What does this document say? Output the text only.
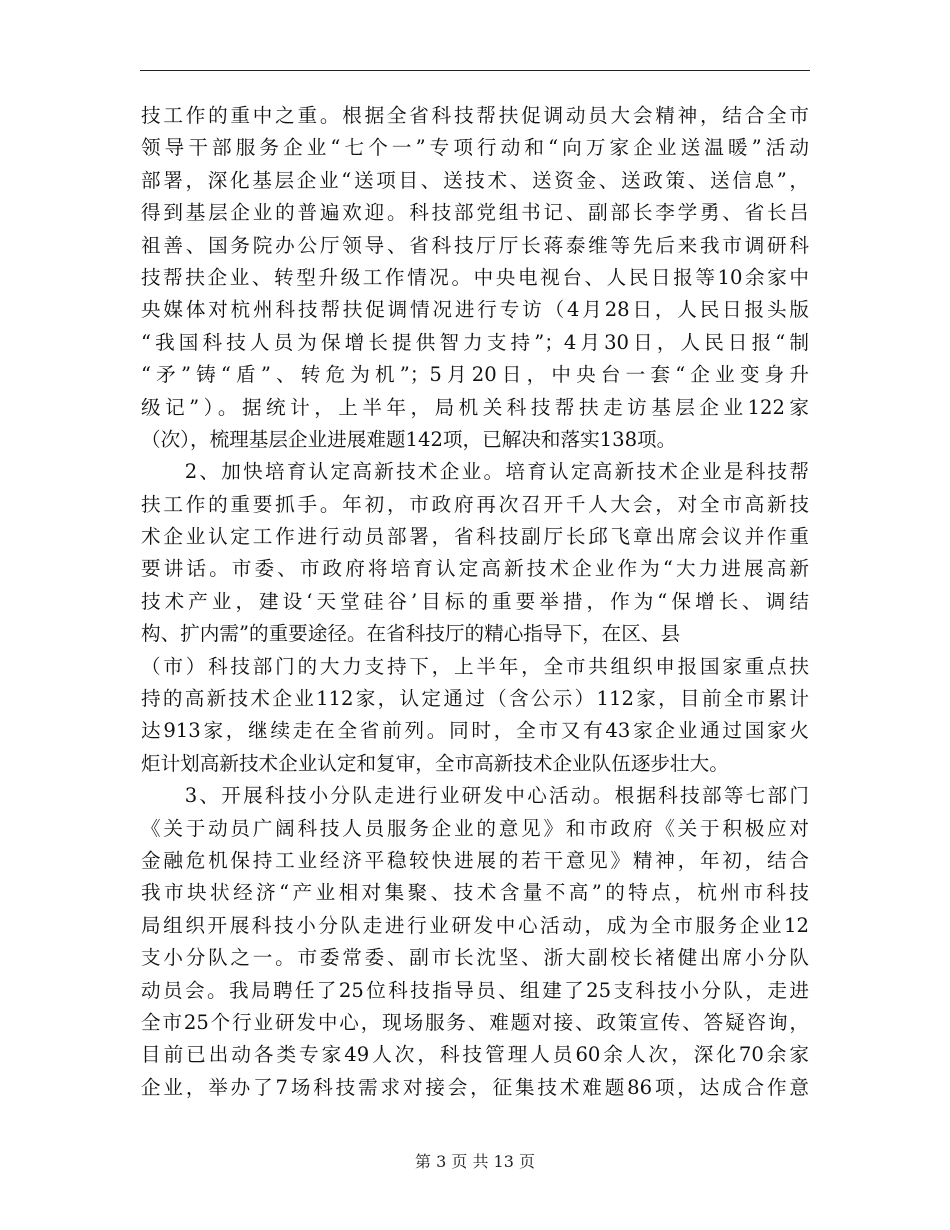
技工作的重中之重。根据全省科技帮扶促调动员大会精神，结合全市
领导干部服务企业“七个一”专项行动和“向万家企业送温暖”活动
部署，深化基层企业“送项目、送技术、送资金、送政策、送信息”，
得到基层企业的普遍欢迎。科技部党组书记、副部长李学勇、省长吕
祖善、国务院办公厅领导、省科技厅厅长蒋泰维等先后来我市调研科
技帮扶企业、转型升级工作情况。中央电视台、人民日报等10余家中
央媒体对杭州科技帮扶促调情况进行专访（4月28日，人民日报头版
“我国科技人员为保增长提供智力支持”；4月30日，人民日报“制
“矛”铸“盾”、转危为机”；5月20日，中央台一套“企业变身升
级记”）。据统计，上半年，局机关科技帮扶走访基层企业122家
（次），梳理基层企业进展难题142项，已解决和落实138项。
　　2、加快培育认定高新技术企业。培育认定高新技术企业是科技帮
扶工作的重要抓手。年初，市政府再次召开千人大会，对全市高新技
术企业认定工作进行动员部署，省科技副厅长邱飞章出席会议并作重
要讲话。市委、市政府将培育认定高新技术企业作为“大力进展高新
技术产业，建设‘天堂硅谷’目标的重要举措，作为“保增长、调结
构、扩内需”的重要途径。在省科技厅的精心指导下，在区、县
（市）科技部门的大力支持下，上半年，全市共组织申报国家重点扶
持的高新技术企业112家，认定通过（含公示）112家，目前全市累计
达913家，继续走在全省前列。同时，全市又有43家企业通过国家火
炬计划高新技术企业认定和复审，全市高新技术企业队伍逐步壮大。
　　3、开展科技小分队走进行业研发中心活动。根据科技部等七部门
《关于动员广阔科技人员服务企业的意见》和市政府《关于积极应对
金融危机保持工业经济平稳较快进展的若干意见》精神，年初，结合
我市块状经济“产业相对集聚、技术含量不高”的特点，杭州市科技
局组织开展科技小分队走进行业研发中心活动，成为全市服务企业12
支小分队之一。市委常委、副市长沈坚、浙大副校长褚健出席小分队
动员会。我局聘任了25位科技指导员、组建了25支科技小分队，走进
全市25个行业研发中心，现场服务、难题对接、政策宣传、答疑咨询，
目前已出动各类专家49人次，科技管理人员60余人次，深化70余家
企业，举办了7场科技需求对接会，征集技术难题86项，达成合作意
第 3 页 共 13 页
